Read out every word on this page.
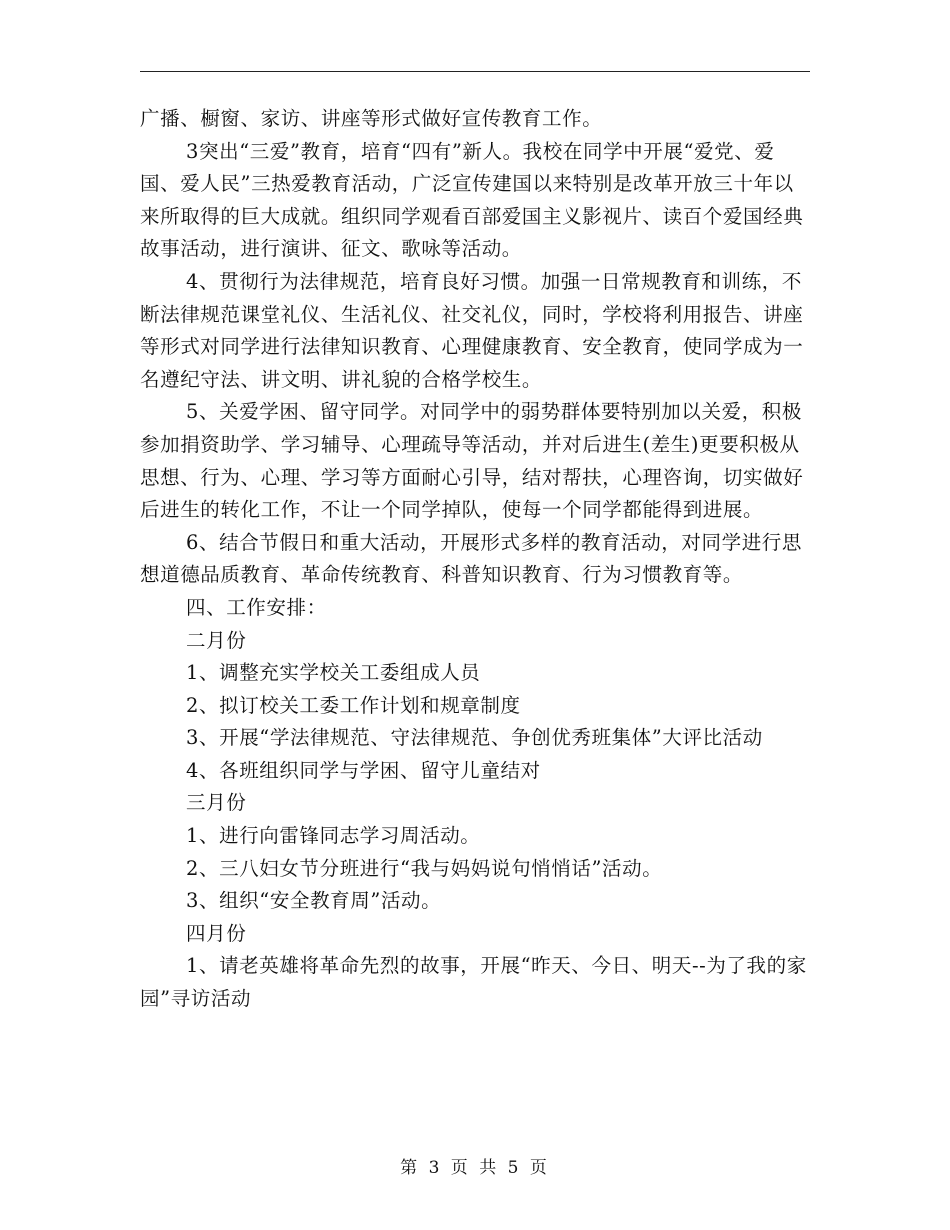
广播、橱窗、家访、讲座等形式做好宣传教育工作。

3突出“三爱”教育，培育“四有”新人。我校在同学中开展“爱党、爱国、爱人民”三热爱教育活动，广泛宣传建国以来特别是改革开放三十年以来所取得的巨大成就。组织同学观看百部爱国主义影视片、读百个爱国经典故事活动，进行演讲、征文、歌咏等活动。

4、贯彻行为法律规范，培育良好习惯。加强一日常规教育和训练，不断法律规范课堂礼仪、生活礼仪、社交礼仪，同时，学校将利用报告、讲座等形式对同学进行法律知识教育、心理健康教育、安全教育，使同学成为一名遵纪守法、讲文明、讲礼貌的合格学校生。

5、关爱学困、留守同学。对同学中的弱势群体要特别加以关爱，积极参加捐资助学、学习辅导、心理疏导等活动，并对后进生(差生)更要积极从思想、行为、心理、学习等方面耐心引导，结对帮扶，心理咨询，切实做好后进生的转化工作，不让一个同学掉队，使每一个同学都能得到进展。

6、结合节假日和重大活动，开展形式多样的教育活动，对同学进行思想道德品质教育、革命传统教育、科普知识教育、行为习惯教育等。

四、工作安排：

二月份

1、调整充实学校关工委组成人员

2、拟订校关工委工作计划和规章制度

3、开展“学法律规范、守法律规范、争创优秀班集体”大评比活动

4、各班组织同学与学困、留守儿童结对

三月份

1、进行向雷锋同志学习周活动。

2、三八妇女节分班进行“我与妈妈说句悄悄话”活动。

3、组织“安全教育周”活动。

四月份

1、请老英雄将革命先烈的故事，开展“昨天、今日、明天--为了我的家园”寻访活动

第 3 页 共 5 页
